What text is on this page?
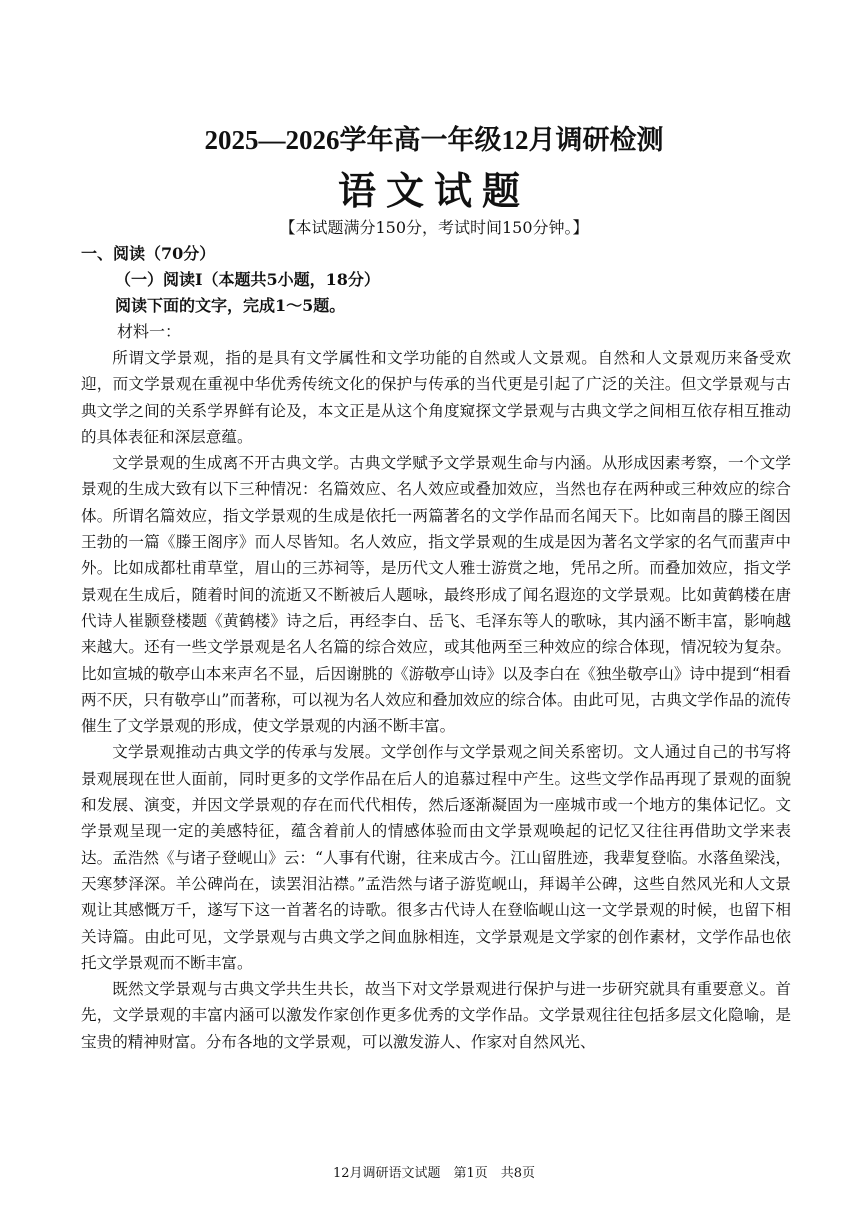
2025—2026学年高一年级12月调研检测
语文试题
【本试题满分150分，考试时间150分钟。】
一、阅读（70分）
（一）阅读Ⅰ（本题共5小题，18分）
阅读下面的文字，完成1～5题。
材料一：

所谓文学景观，指的是具有文学属性和文学功能的自然或人文景观。自然和人文景观历来备受欢迎，而文学景观在重视中华优秀传统文化的保护与传承的当代更是引起了广泛的关注。但文学景观与古典文学之间的关系学界鲜有论及，本文正是从这个角度窥探文学景观与古典文学之间相互依存相互推动的具体表征和深层意蕴。

文学景观的生成离不开古典文学。古典文学赋予文学景观生命与内涵。从形成因素考察，一个文学景观的生成大致有以下三种情况：名篇效应、名人效应或叠加效应，当然也存在两种或三种效应的综合体。所谓名篇效应，指文学景观的生成是依托一两篇著名的文学作品而名闻天下。比如南昌的滕王阁因王勃的一篇《滕王阁序》而人尽皆知。名人效应，指文学景观的生成是因为著名文学家的名气而蜚声中外。比如成都杜甫草堂，眉山的三苏祠等，是历代文人雅士游赏之地，凭吊之所。而叠加效应，指文学景观在生成后，随着时间的流逝又不断被后人题咏，最终形成了闻名遐迩的文学景观。比如黄鹤楼在唐代诗人崔颢登楼题《黄鹤楼》诗之后，再经李白、岳飞、毛泽东等人的歌咏，其内涵不断丰富，影响越来越大。还有一些文学景观是名人名篇的综合效应，或其他两至三种效应的综合体现，情况较为复杂。比如宣城的敬亭山本来声名不显，后因谢朓的《游敬亭山诗》以及李白在《独坐敬亭山》诗中提到“相看两不厌，只有敬亭山”而著称，可以视为名人效应和叠加效应的综合体。由此可见，古典文学作品的流传催生了文学景观的形成，使文学景观的内涵不断丰富。

文学景观推动古典文学的传承与发展。文学创作与文学景观之间关系密切。文人通过自己的书写将景观展现在世人面前，同时更多的文学作品在后人的追慕过程中产生。这些文学作品再现了景观的面貌和发展、演变，并因文学景观的存在而代代相传，然后逐渐凝固为一座城市或一个地方的集体记忆。文学景观呈现一定的美感特征，蕴含着前人的情感体验而由文学景观唤起的记忆又往往再借助文学来表达。孟浩然《与诸子登岘山》云：“人事有代谢，往来成古今。江山留胜迹，我辈复登临。水落鱼梁浅，天寒梦泽深。羊公碑尚在，读罢泪沾襟。”孟浩然与诸子游览岘山，拜谒羊公碑，这些自然风光和人文景观让其感慨万千，遂写下这一首著名的诗歌。很多古代诗人在登临岘山这一文学景观的时候，也留下相关诗篇。由此可见，文学景观与古典文学之间血脉相连，文学景观是文学家的创作素材，文学作品也依托文学景观而不断丰富。

既然文学景观与古典文学共生共长，故当下对文学景观进行保护与进一步研究就具有重要意义。首先，文学景观的丰富内涵可以激发作家创作更多优秀的文学作品。文学景观往往包括多层文化隐喻，是宝贵的精神财富。分布各地的文学景观，可以激发游人、作家对自然风光、

12月调研语文试题　第1页　共8页
